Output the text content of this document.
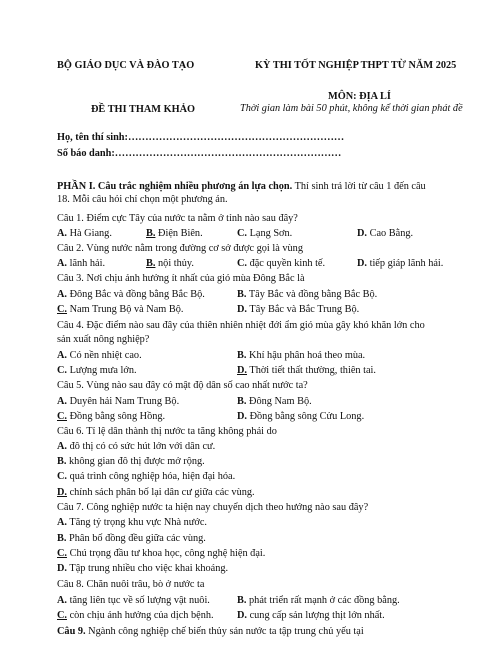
BỘ GIÁO DỤC VÀ ĐÀO TẠO	KỲ THI TỐT NGHIỆP THPT TỪ NĂM 2025
MÔN: ĐỊA LÍ
ĐỀ THI THAM KHẢO	Thời gian làm bài 50 phút, không kể thời gian phát đề
Họ, tên thí sinh:………………………………………………………
Số báo danh:…………………………………………………………
PHẦN I. Câu trắc nghiệm nhiều phương án lựa chọn. Thí sinh trả lời từ câu 1 đến câu
18. Mỗi câu hỏi chỉ chọn một phương án.
Câu 1. Điểm cực Tây của nước ta nằm ở tỉnh nào sau đây?
A. Hà Giang.	B. Điện Biên.	C. Lạng Sơn.	D. Cao Bằng.
Câu 2. Vùng nước nằm trong đường cơ sở được gọi là vùng
A. lãnh hải.	B. nội thủy.	C. đặc quyền kinh tế.	D. tiếp giáp lãnh hải.
Câu 3. Nơi chịu ảnh hưởng ít nhất của gió mùa Đông Bắc là
A. Đông Bắc và đồng bằng Bắc Bộ.	B. Tây Bắc và đồng bằng Bắc Bộ.
C. Nam Trung Bộ và Nam Bộ.	D. Tây Bắc và Bắc Trung Bộ.
Câu 4. Đặc điểm nào sau đây của thiên nhiên nhiệt đới ẩm gió mùa gây khó khăn lớn cho
sản xuất nông nghiệp?
A. Có nền nhiệt cao.	B. Khí hậu phân hoá theo mùa.
C. Lượng mưa lớn.	D. Thời tiết thất thường, thiên tai.
Câu 5. Vùng nào sau đây có mật độ dân số cao nhất nước ta?
A. Duyên hải Nam Trung Bộ.	B. Đông Nam Bộ.
C. Đồng bằng sông Hồng.	D. Đồng bằng sông Cửu Long.
Câu 6. Tỉ lệ dân thành thị nước ta tăng không phải do
A. đô thị có có sức hút lớn với dân cư.
B. không gian đô thị được mở rộng.
C. quá trình công nghiệp hóa, hiện đại hóa.
D. chính sách phân bố lại dân cư giữa các vùng.
Câu 7. Công nghiệp nước ta hiện nay chuyển dịch theo hướng nào sau đây?
A. Tăng tỷ trọng khu vực Nhà nước.
B. Phân bố đồng đều giữa các vùng.
C. Chú trọng đầu tư khoa học, công nghệ hiện đại.
D. Tập trung nhiều cho việc khai khoáng.
Câu 8. Chăn nuôi trâu, bò ở nước ta
A. tăng liên tục về số lượng vật nuôi.	B. phát triển rất mạnh ở các đồng bằng.
C. còn chịu ảnh hưởng của dịch bệnh. D. cung cấp sản lượng thịt lớn nhất.
Câu 9. Ngành công nghiệp chế biến thủy sản nước ta tập trung chủ yếu tại
